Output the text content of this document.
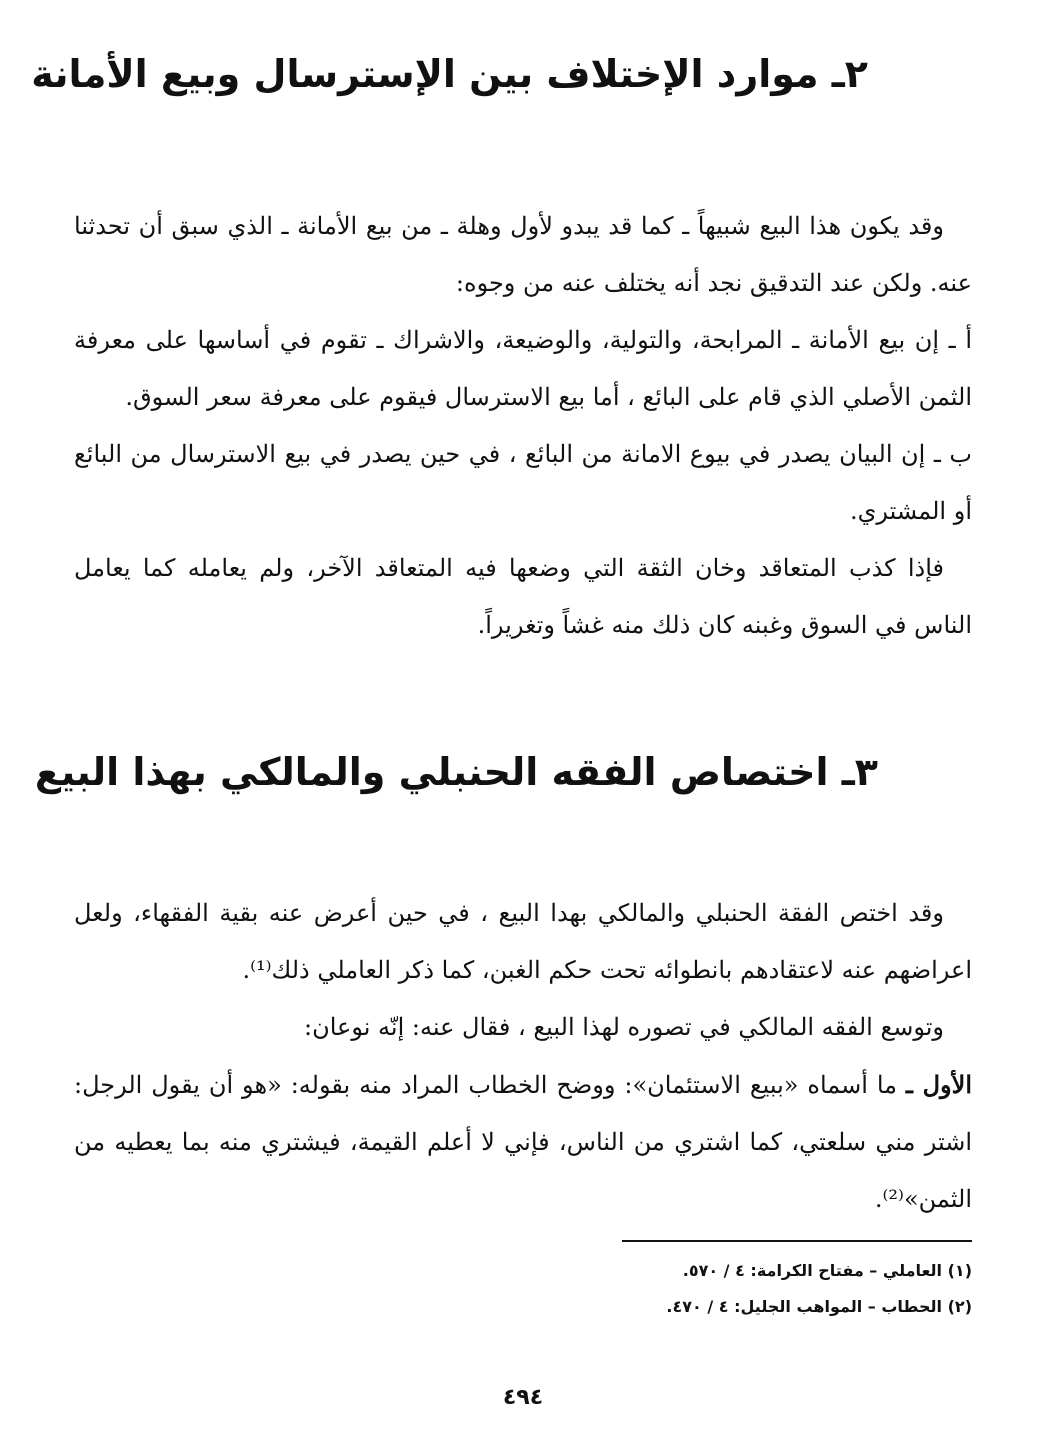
٢ـ موارد الإختلاف بين الإسترسال وبيع الأمانة

وقد يكون هذا البيع شبيهاً ـ كما قد يبدو لأول وهلة ـ من بيع الأمانة ـ الذي سبق أن تحدثنا عنه. ولكن عند التدقيق نجد أنه يختلف عنه من وجوه:

أ ـ إن بيع الأمانة ـ المرابحة، والتولية، والوضيعة، والاشراك ـ تقوم في أساسها على معرفة الثمن الأصلي الذي قام على البائع ، أما بيع الاسترسال فيقوم على معرفة سعر السوق.

ب ـ إن البيان يصدر في بيوع الامانة من البائع ، في حين يصدر في بيع الاسترسال من البائع أو المشتري.

فإذا كذب المتعاقد وخان الثقة التي وضعها فيه المتعاقد الآخر، ولم يعامله كما يعامل الناس في السوق وغبنه كان ذلك منه غشاً وتغريراً.

٣ـ اختصاص الفقه الحنبلي والمالكي بهذا البيع

وقد اختص الفقة الحنبلي والمالكي بهدا البيع ، في حين أعرض عنه بقية الفقهاء، ولعل اعراضهم عنه لاعتقادهم بانطوائه تحت حكم الغبن، كما ذكر العاملي ذلك⁽¹⁾.

وتوسع الفقه المالكي في تصوره لهذا البيع ، فقال عنه: إنّه نوعان:

الأول ـ ما أسماه «ببيع الاستئمان»: ووضح الخطاب المراد منه بقوله: «هو أن يقول الرجل: اشتر مني سلعتي، كما اشتري من الناس، فإني لا أعلم القيمة، فيشتري منه بما يعطيه من الثمن»⁽²⁾.

(١) العاملي – مفتاح الكرامة: ٤ / ٥٧٠.
(٢) الحطاب – المواهب الجليل: ٤ / ٤٧٠.
٤٩٤
